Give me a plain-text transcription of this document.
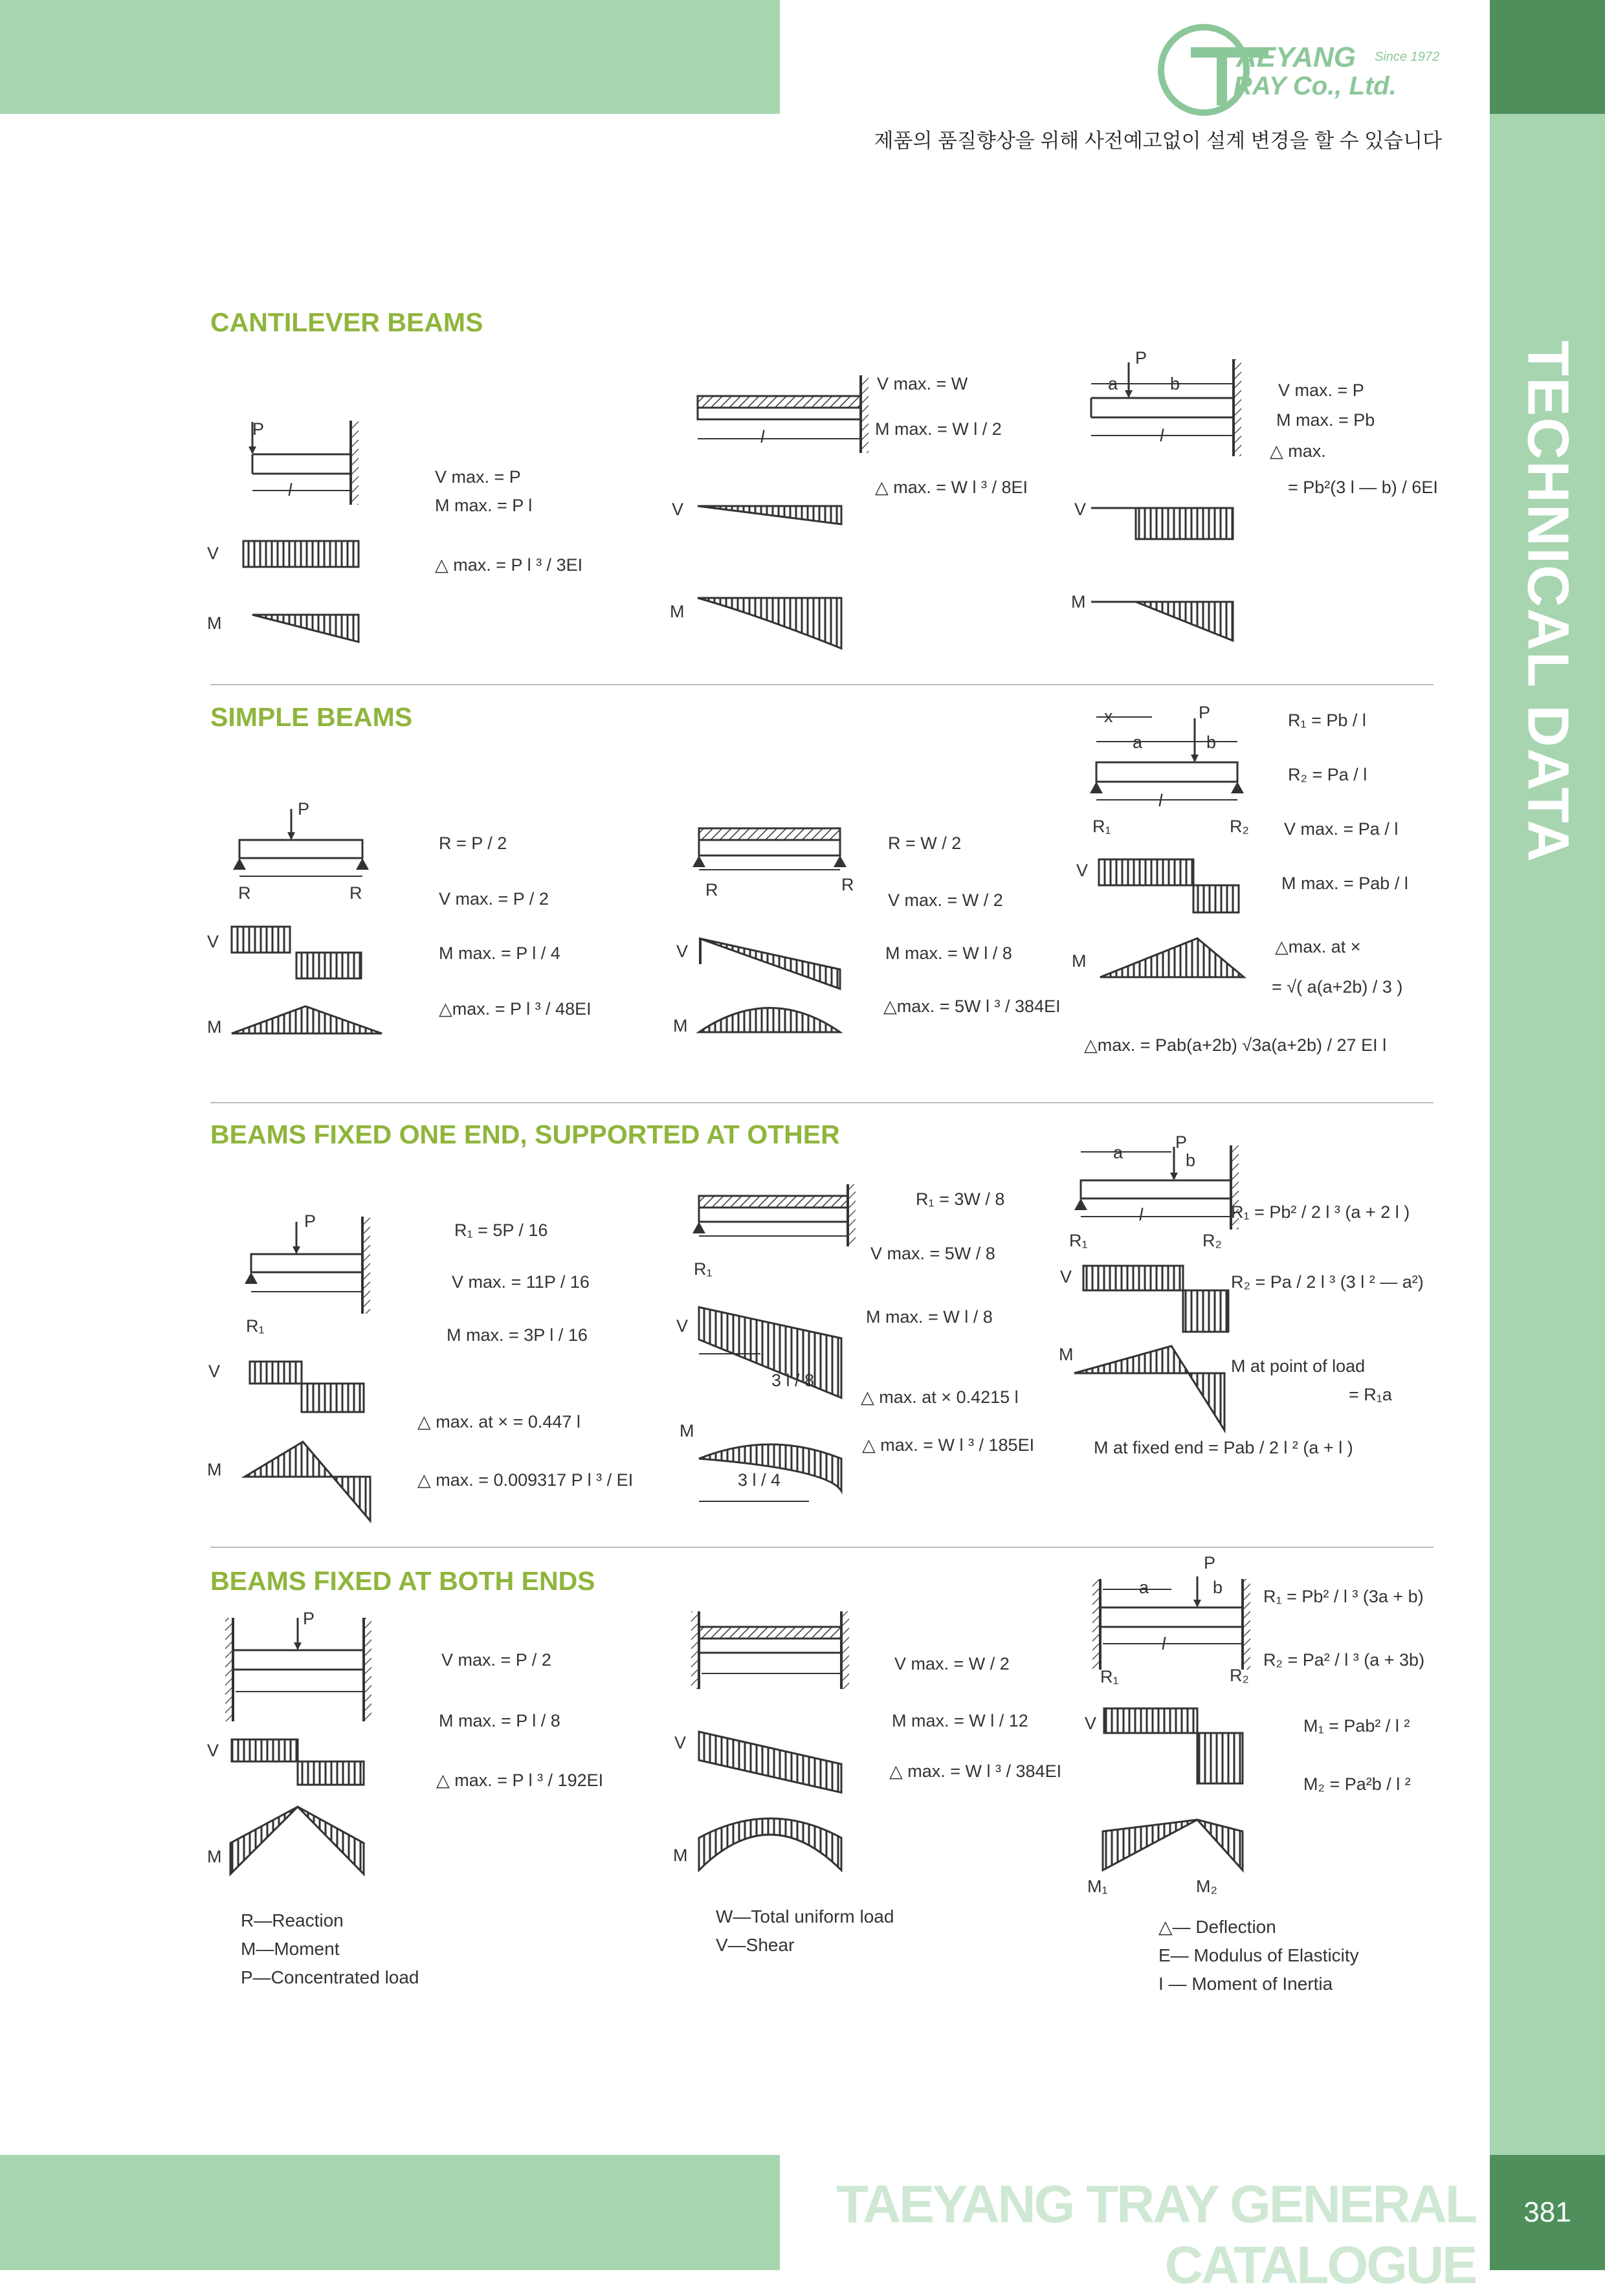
TECHNICAL DATA
381
TAEYANG TRAY GENERAL CATALOGUE
AEYANG
RAY Co., Ltd.
Since 1972
제품의 품질향상을 위해 사전예고없이 설계 변경을 할 수 있습니다
CANTILEVER BEAMS
SIMPLE BEAMS
BEAMS FIXED ONE END, SUPPORTED AT OTHER
BEAMS FIXED AT BOTH ENDS
P
l
V
M
V max. = P
M max. = P l
△ max. = P l ³ / 3EI
l
V
M
V max. = W
M max. = W l / 2
△ max. = W l ³ / 8EI
P
a	b
l
V
M
V max. = P
M max. = Pb
△ max.
= Pb²(3 l — b) / 6EI
P
R	R
V
M
R = P / 2
V max. = P / 2
M max. = P l / 4
△max. = P l ³ / 48EI
R	R
V
M
R = W / 2
V max. = W / 2
M max. = W l / 8
△max. = 5W l ³ / 384EI
x	P
a	b
l
R₁	R₂
V
M
R₁ = Pb / l
R₂ = Pa / l
V max. = Pa / l
M max. = Pab / l
△max. at ×
= √( a(a+2b) / 3 )
△max. = Pab(a+2b) √3a(a+2b) / 27 EI l
P
R₁
V
M
R₁ = 5P / 16
V max. = 11P / 16
M max. = 3P l / 16
△ max. at × = 0.447 l
△ max. = 0.009317 P l ³ / EI
R₁
V
3 l / 8
M
3 l / 4
R₁ = 3W / 8
V max. = 5W / 8
M max. = W l / 8
△ max. at × 0.4215 l
△ max. = W l ³ / 185EI
a
P
b
l
R₁	R₂
V
M
R₁ = Pb² / 2 l ³ (a + 2 l )
R₂ = Pa / 2 l ³ (3 l ² — a²)
M at point of load
= R₁a
M at fixed end = Pab / 2 l ² (a + l )
P
V
M
V max. = P / 2
M max. = P l / 8
△ max. = P l ³ / 192EI
V
M
V max. = W / 2
M max. = W l / 12
△ max. = W l ³ / 384EI
P
a	b
l
R₁	R₂
V
M₁	M₂
R₁ = Pb² / l ³ (3a + b)
R₂ = Pa² / l ³ (a + 3b)
M₁ = Pab² / l ²
M₂ = Pa²b / l ²
R—Reaction
M—Moment
P—Concentrated load
W—Total uniform load
V—Shear
△— Deflection
E— Modulus of Elasticity
I — Moment of Inertia
